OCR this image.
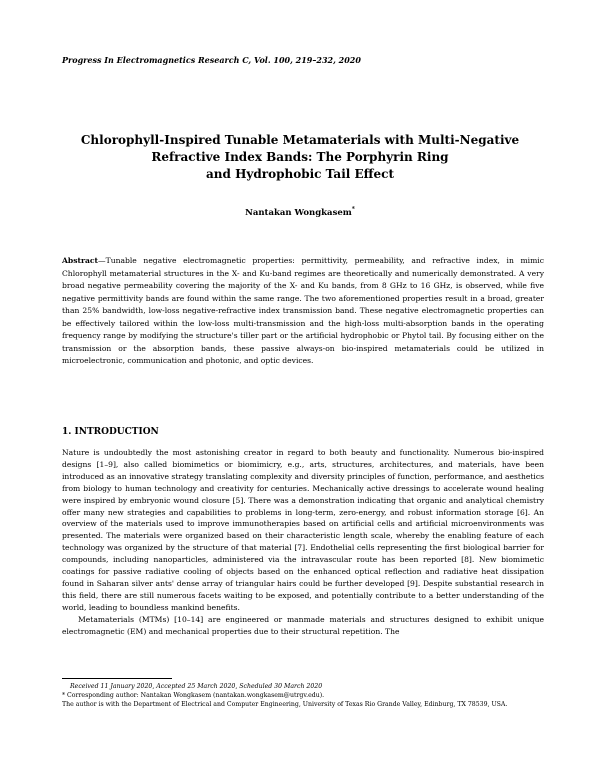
Progress In Electromagnetics Research C, Vol. 100, 219–232, 2020
Chlorophyll-Inspired Tunable Metamaterials with Multi-Negative
Refractive Index Bands: The Porphyrin Ring
and Hydrophobic Tail Effect
Nantakan Wongkasem*
Abstract—Tunable negative electromagnetic properties: permittivity, permeability, and refractive index, in mimic Chlorophyll metamaterial structures in the X- and Ku-band regimes are theoretically and numerically demonstrated. A very broad negative permeability covering the majority of the X- and Ku bands, from 8 GHz to 16 GHz, is observed, while five negative permittivity bands are found within the same range. The two aforementioned properties result in a broad, greater than 25% bandwidth, low-loss negative-refractive index transmission band. These negative electromagnetic properties can be effectively tailored within the low-loss multi-transmission and the high-loss multi-absorption bands in the operating frequency range by modifying the structure's tiller part or the artificial hydrophobic or Phytol tail. By focusing either on the transmission or the absorption bands, these passive always-on bio-inspired metamaterials could be utilized in microelectronic, communication and photonic, and optic devices.
1. INTRODUCTION

Nature is undoubtedly the most astonishing creator in regard to both beauty and functionality. Numerous bio-inspired designs [1–9], also called biomimetics or biomimicry, e.g., arts, structures, architectures, and materials, have been introduced as an innovative strategy translating complexity and diversity principles of function, performance, and aesthetics from biology to human technology and creativity for centuries. Mechanically active dressings to accelerate wound healing were inspired by embryonic wound closure [5]. There was a demonstration indicating that organic and analytical chemistry offer many new strategies and capabilities to problems in long-term, zero-energy, and robust information storage [6]. An overview of the materials used to improve immunotherapies based on artificial cells and artificial microenvironments was presented. The materials were organized based on their characteristic length scale, whereby the enabling feature of each technology was organized by the structure of that material [7]. Endothelial cells representing the first biological barrier for compounds, including nanoparticles, administered via the intravascular route has been reported [8]. New biomimetic coatings for passive radiative cooling of objects based on the enhanced optical reflection and radiative heat dissipation found in Saharan silver ants' dense array of triangular hairs could be further developed [9]. Despite substantial research in this field, there are still numerous facets waiting to be exposed, and potentially contribute to a better understanding of the world, leading to boundless mankind benefits.

Metamaterials (MTMs) [10–14] are engineered or manmade materials and structures designed to exhibit unique electromagnetic (EM) and mechanical properties due to their structural repetition. The

Received 11 January 2020, Accepted 25 March 2020, Scheduled 30 March 2020
* Corresponding author: Nantakan Wongkasem (nantakan.wongkasem@utrgv.edu).
The author is with the Department of Electrical and Computer Engineering, University of Texas Rio Grande Valley, Edinburg, TX 78539, USA.
